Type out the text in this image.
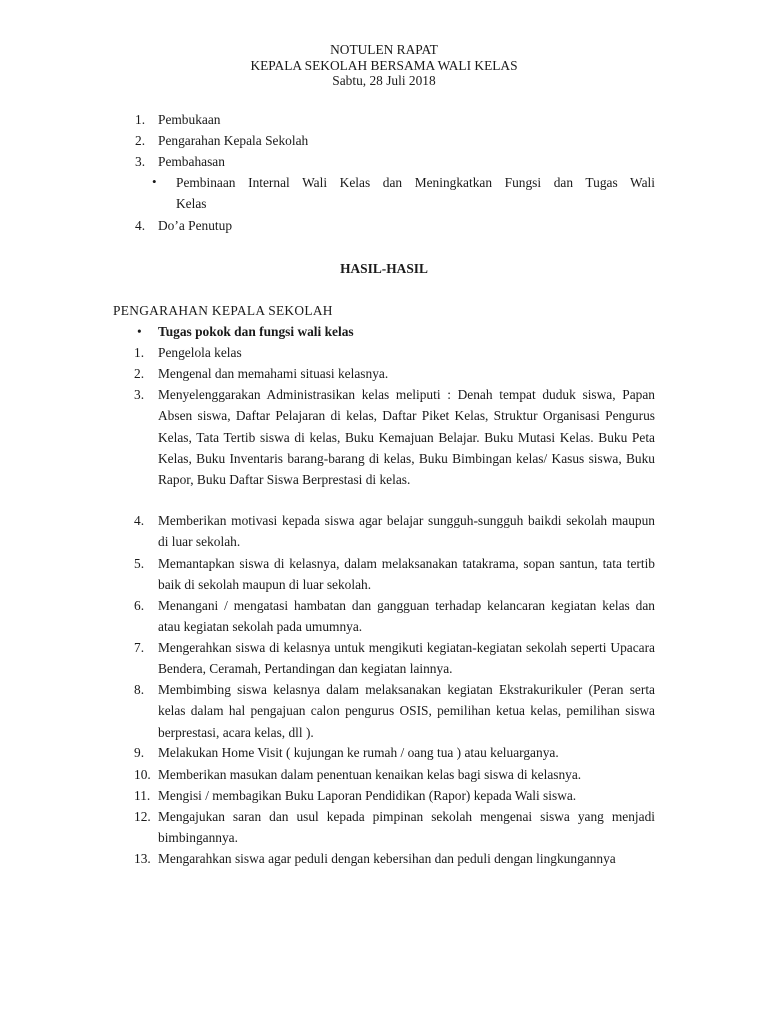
NOTULEN RAPAT
KEPALA SEKOLAH BERSAMA WALI KELAS
Sabtu, 28 Juli 2018
1. Pembukaan
2. Pengarahan Kepala Sekolah
3. Pembahasan
• Pembinaan Internal Wali Kelas dan Meningkatkan Fungsi dan Tugas Wali
Kelas
4. Do’a Penutup
HASIL-HASIL
PENGARAHAN KEPALA SEKOLAH
• Tugas pokok dan fungsi wali kelas
1.	Pengelola kelas
2.	Mengenal dan memahami situasi kelasnya.
3.	Menyelenggarakan Administrasikan kelas meliputi : Denah tempat duduk siswa, Papan Absen siswa, Daftar Pelajaran di kelas, Daftar Piket Kelas, Struktur Organisasi Pengurus Kelas, Tata Tertib siswa di kelas, Buku Kemajuan Belajar. Buku Mutasi Kelas. Buku Peta Kelas, Buku Inventaris barang-barang di kelas, Buku Bimbingan kelas/ Kasus siswa, Buku Rapor, Buku Daftar Siswa Berprestasi di kelas.
4.	Memberikan motivasi kepada siswa agar belajar sungguh-sungguh baikdi sekolah maupun di luar sekolah.
5.	Memantapkan siswa di kelasnya, dalam melaksanakan tatakrama, sopan santun, tata tertib baik di sekolah maupun di luar sekolah.
6.	Menangani / mengatasi hambatan dan gangguan terhadap kelancaran kegiatan kelas dan atau kegiatan sekolah pada umumnya.
7.	Mengerahkan siswa di kelasnya untuk mengikuti kegiatan-kegiatan sekolah seperti Upacara Bendera, Ceramah, Pertandingan dan kegiatan lainnya.
8.	Membimbing siswa kelasnya dalam melaksanakan kegiatan Ekstrakurikuler (Peran serta kelas dalam hal pengajuan calon pengurus OSIS, pemilihan ketua kelas, pemilihan siswa berprestasi, acara kelas, dll ).
9.	Melakukan Home Visit ( kujungan ke rumah / oang tua ) atau keluarganya.
10. Memberikan masukan dalam penentuan kenaikan kelas bagi siswa di kelasnya.
11. Mengisi / membagikan Buku Laporan Pendidikan (Rapor) kepada Wali siswa.
12. Mengajukan saran dan usul kepada pimpinan sekolah mengenai siswa yang menjadi bimbingannya.
13. Mengarahkan siswa agar peduli dengan kebersihan dan peduli dengan lingkungannya
